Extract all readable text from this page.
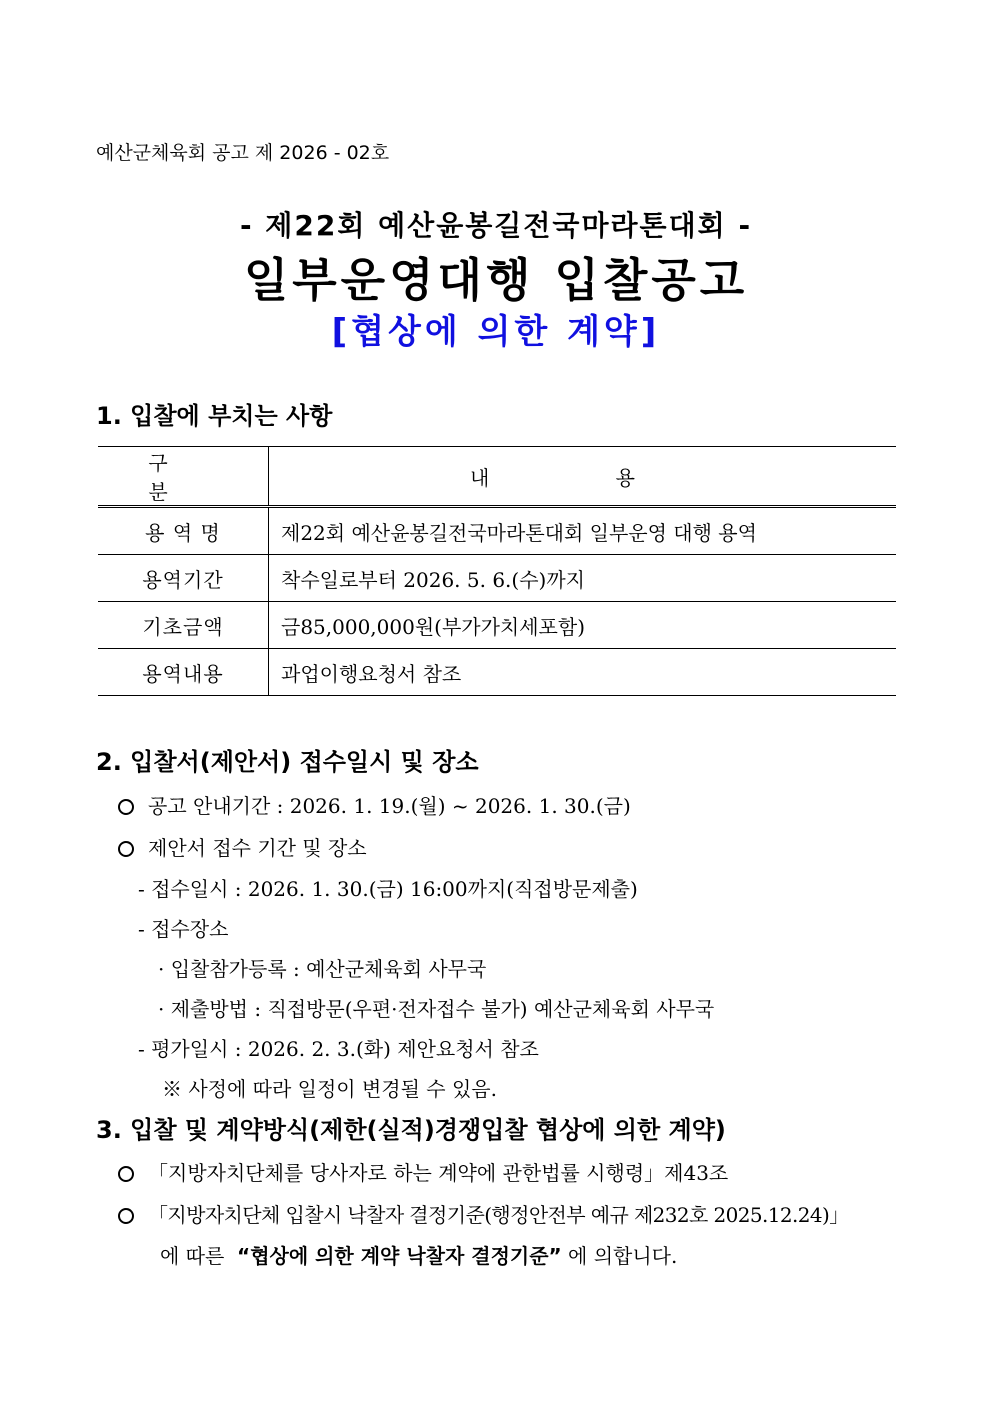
예산군체육회 공고 제 2026 - 02호
- 제22회 예산윤봉길전국마라톤대회 -
일부운영대행 입찰공고
[협상에 의한 계약]
1. 입찰에 부치는 사항
구 분	내 용
용 역 명	제22회 예산윤봉길전국마라톤대회 일부운영 대행 용역
용역기간	착수일로부터 2026. 5. 6.(수)까지
기초금액	금85,000,000원(부가가치세포함)
용역내용	과업이행요청서 참조
2. 입찰서(제안서) 접수일시 및 장소
공고 안내기간 : 2026. 1. 19.(월) ~ 2026. 1. 30.(금)
제안서 접수 기간 및 장소
- 접수일시 : 2026. 1. 30.(금) 16:00까지(직접방문제출)
- 접수장소
· 입찰참가등록 : 예산군체육회 사무국
· 제출방법 : 직접방문(우편·전자접수 불가) 예산군체육회 사무국
- 평가일시 : 2026. 2. 3.(화) 제안요청서 참조
※ 사정에 따라 일정이 변경될 수 있음.
3. 입찰 및 계약방식(제한(실적)경쟁입찰 협상에 의한 계약)
「지방자치단체를 당사자로 하는 계약에 관한법률 시행령」제43조
「지방자치단체 입찰시 낙찰자 결정기준(행정안전부 예규 제232호 2025.12.24)」
에 따른 “협상에 의한 계약 낙찰자 결정기준” 에 의합니다.
